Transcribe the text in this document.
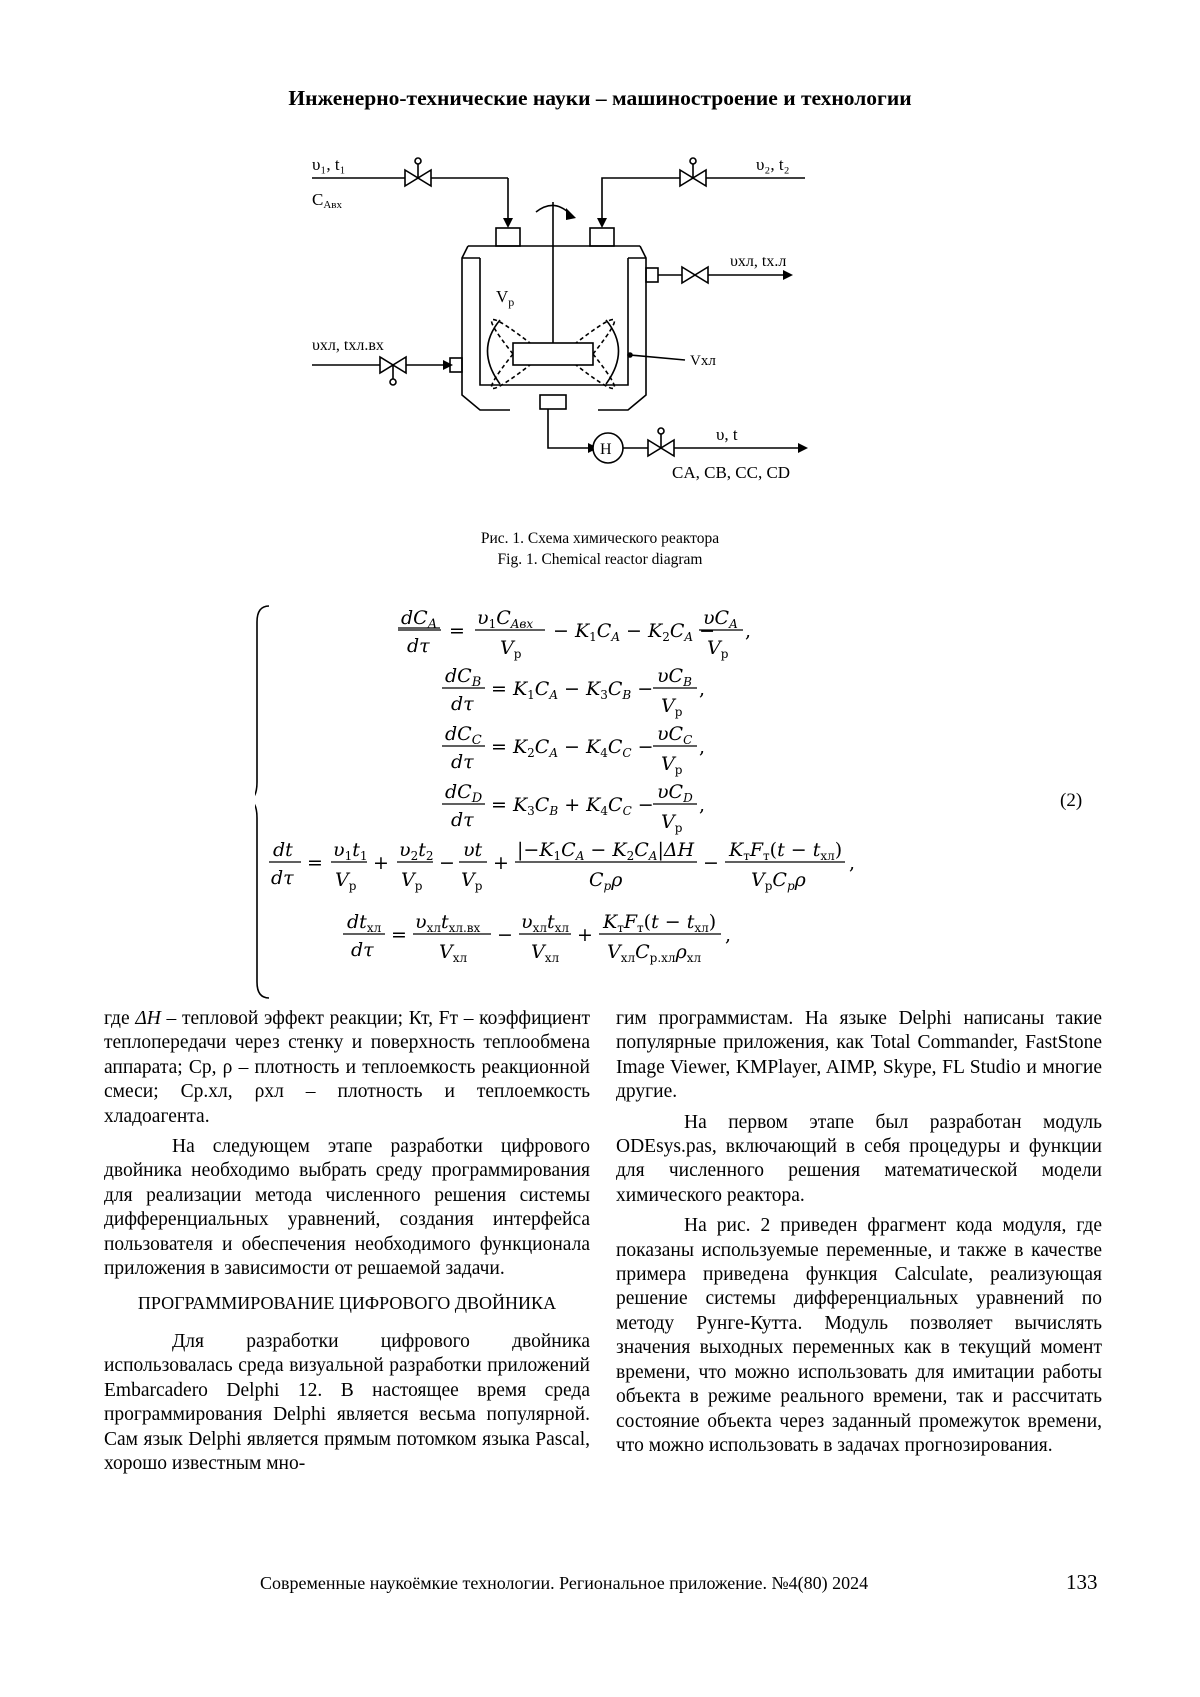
Инженерно-технические науки – машиностроение и технологии
υ₁, t₁
CАвх
υ₂, t₂
υхл, tх.л
υхл, tхл.вх
$V_р$
Vхл
Н
υ, t
CA, CB, CC, CD
Рис. 1. Схема химического реактора
Fig. 1. Chemical reactor diagram
$dC_A$
dτ
=
$\upsilon_1C_{Aвх}$
$V_р$
− $K_1C_A - K_2C_A$ −
$\upsilon C_A$
$V_р$
,
$dC_B$
dτ
= $K_1C_A - K_3C_B$ −
$\upsilon C_B$
$V_р$
,
$dC_C$
dτ
= $K_2C_A - K_4C_C$ −
$\upsilon C_C$
$V_р$
,
$dC_D$
dτ
= $K_3C_B + K_4C_C$ −
$\upsilon C_D$
$V_р$
,
dt
dτ
=
$\upsilon_1t_1$
$V_р$
+
$\upsilon_2t_2$
$V_р$
−
υt
$V_р$
+
$|-K_1C_A - K_2C_A|\Delta H$
$C_p\rho$
−
$K_тF_т(t - t_{хл})$
$V_рC_p\rho$
,
$dt_{хл}$
dτ
=
$\upsilon_{хл}t_{хл.вх}$
$V_{хл}$
−
$\upsilon_{хл}t_{хл}$
$V_{хл}$
+
$K_тF_т(t - t_{хл})$
$V_{хл}C_{р.хл}\rho_{хл}$
,
(2)

где ΔH – тепловой эффект реакции; Кт, Fт – коэффициент теплопередачи через стенку и поверхность теплообмена аппарата; Cp, ρ – плотность и теплоемкость реакционной смеси; Cр.хл, ρхл – плотность и теплоемкость хладоагента.

На следующем этапе разработки цифрового двойника необходимо выбрать среду программирования для реализации метода численного решения системы дифференциальных уравнений, создания интерфейса пользователя и обеспечения необходимого функционала приложения в зависимости от решаемой задачи.

ПРОГРАММИРОВАНИЕ ЦИФРОВОГО ДВОЙНИКА

Для разработки цифрового двойника использовалась среда визуальной разработки приложений Embarcadero Delphi 12. В настоящее время среда программирования Delphi является весьма популярной. Сам язык Delphi является прямым потомком языка Pascal, хорошо известным мно-

гим программистам. На языке Delphi написаны такие популярные приложения, как Total Commander, FastStone Image Viewer, KMPlayer, AIMP, Skype, FL Studio и многие другие.

На первом этапе был разработан модуль ODEsys.pas, включающий в себя процедуры и функции для численного решения математической модели химического реактора.

На рис. 2 приведен фрагмент кода модуля, где показаны используемые переменные, и также в качестве примера приведена функция Calculate, реализующая решение системы дифференциальных уравнений по методу Рунге-Кутта. Модуль позволяет вычислять значения выходных переменных как в текущий момент времени, что можно использовать для имитации работы объекта в режиме реального времени, так и рассчитать состояние объекта через заданный промежуток времени, что можно использовать в задачах прогнозирования.

Современные наукоёмкие технологии. Региональное приложение. №4(80) 2024	133
